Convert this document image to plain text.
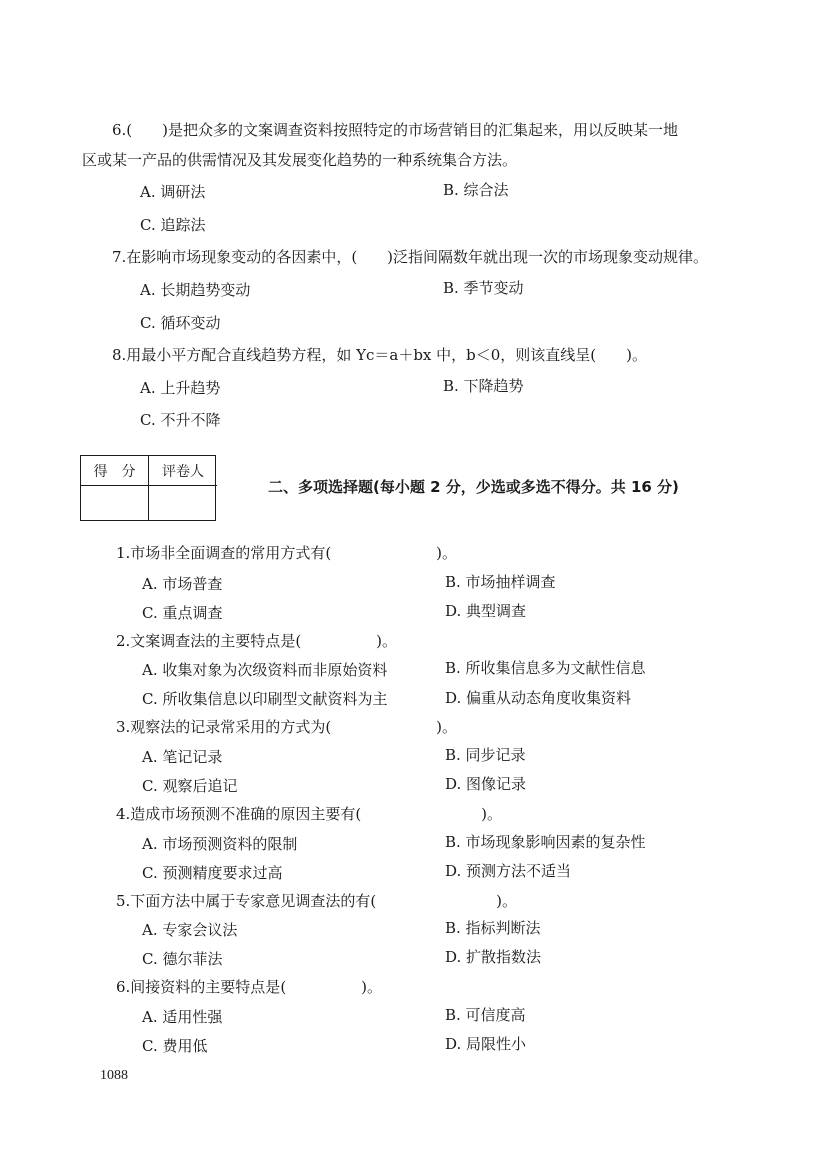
6.(　　)是把众多的文案调查资料按照特定的市场营销目的汇集起来，用以反映某一地
区或某一产品的供需情况及其发展变化趋势的一种系统集合方法。
A. 调研法	B. 综合法
C. 追踪法
7.在影响市场现象变动的各因素中，(　　)泛指间隔数年就出现一次的市场现象变动规律。
A. 长期趋势变动	B. 季节变动
C. 循环变动
8.用最小平方配合直线趋势方程，如 Yc＝a＋bx 中，b＜0，则该直线呈(　　)。
A. 上升趋势	B. 下降趋势
C. 不升不降
得　分	评卷人
二、多项选择题(每小题 2 分，少选或多选不得分。共 16 分)
1.市场非全面调查的常用方式有(　　　　　　　)。
A. 市场普查	B. 市场抽样调查
C. 重点调查	D. 典型调查
2.文案调查法的主要特点是(　　　　　)。
A. 收集对象为次级资料而非原始资料	B. 所收集信息多为文献性信息
C. 所收集信息以印刷型文献资料为主	D. 偏重从动态角度收集资料
3.观察法的记录常采用的方式为(　　　　　　　)。
A. 笔记记录	B. 同步记录
C. 观察后追记	D. 图像记录
4.造成市场预测不准确的原因主要有(　　　　　　　　)。
A. 市场预测资料的限制	B. 市场现象影响因素的复杂性
C. 预测精度要求过高	D. 预测方法不适当
5.下面方法中属于专家意见调查法的有(　　　　　　　　)。
A. 专家会议法	B. 指标判断法
C. 德尔菲法	D. 扩散指数法
6.间接资料的主要特点是(　　　　　)。
A. 适用性强	B. 可信度高
C. 费用低	D. 局限性小
1088
